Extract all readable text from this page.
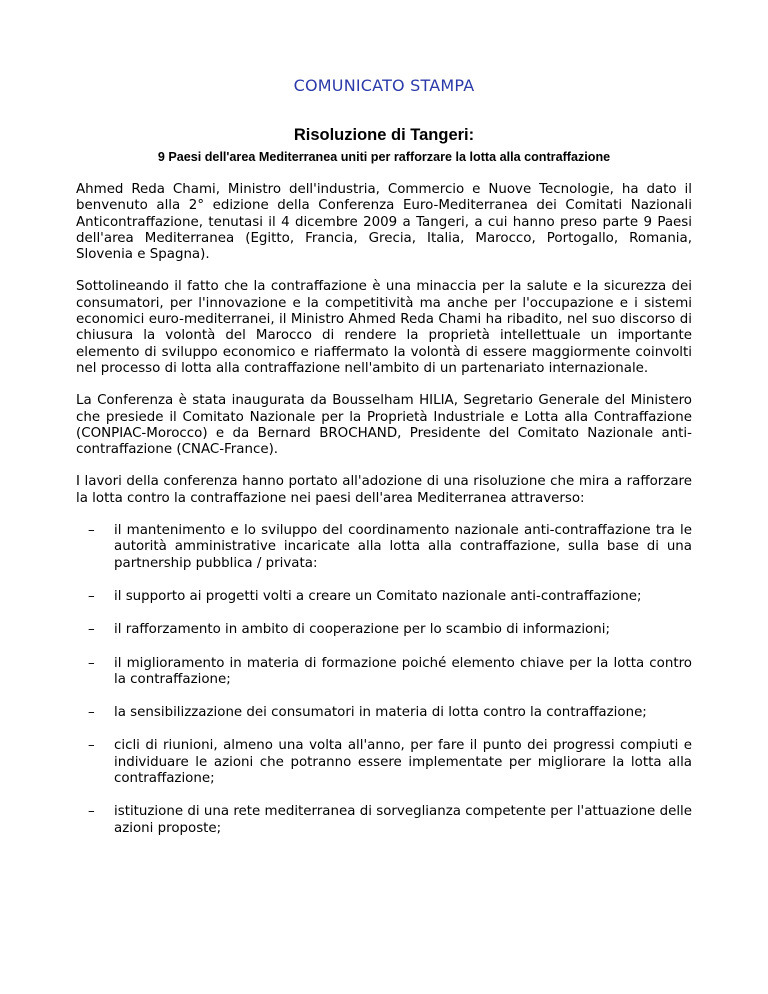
COMUNICATO STAMPA
Risoluzione di Tangeri:
9 Paesi dell'area Mediterranea uniti per rafforzare la lotta alla contraffazione

Ahmed Reda Chami, Ministro dell'industria, Commercio e Nuove Tecnologie, ha dato il benvenuto alla 2° edizione della Conferenza Euro-Mediterranea dei Comitati Nazionali Anticontraffazione, tenutasi il 4 dicembre 2009 a Tangeri, a cui hanno preso parte 9 Paesi dell'area Mediterranea (Egitto, Francia, Grecia, Italia, Marocco, Portogallo, Romania, Slovenia e Spagna).

Sottolineando il fatto che la contraffazione è una minaccia per la salute e la sicurezza dei consumatori, per l'innovazione e la competitività ma anche per l'occupazione e i sistemi economici euro-mediterranei, il Ministro Ahmed Reda Chami ha ribadito, nel suo discorso di chiusura la volontà del Marocco di rendere la proprietà intellettuale un importante elemento di sviluppo economico e riaffermato la volontà di essere maggiormente coinvolti nel processo di lotta alla contraffazione nell'ambito di un partenariato internazionale.

La Conferenza è stata inaugurata da Bousselham HILIA, Segretario Generale del Ministero che presiede il Comitato Nazionale per la Proprietà Industriale e Lotta alla Contraffazione (CONPIAC-Morocco) e da Bernard BROCHAND, Presidente del Comitato Nazionale anti-contraffazione (CNAC-France).

I lavori della conferenza hanno portato all'adozione di una risoluzione che mira a rafforzare la lotta contro la contraffazione nei paesi dell'area Mediterranea attraverso:

– il mantenimento e lo sviluppo del coordinamento nazionale anti-contraffazione tra le autorità amministrative incaricate alla lotta alla contraffazione, sulla base di una partnership pubblica / privata:
– il supporto ai progetti volti a creare un Comitato nazionale anti-contraffazione;
– il rafforzamento in ambito di cooperazione per lo scambio di informazioni;
– il miglioramento in materia di formazione poiché elemento chiave per la lotta contro la contraffazione;
– la sensibilizzazione dei consumatori in materia di lotta contro la contraffazione;
– cicli di riunioni, almeno una volta all'anno, per fare il punto dei progressi compiuti e individuare le azioni che potranno essere implementate per migliorare la lotta alla contraffazione;
– istituzione di una rete mediterranea di sorveglianza competente per l'attuazione delle azioni proposte;
